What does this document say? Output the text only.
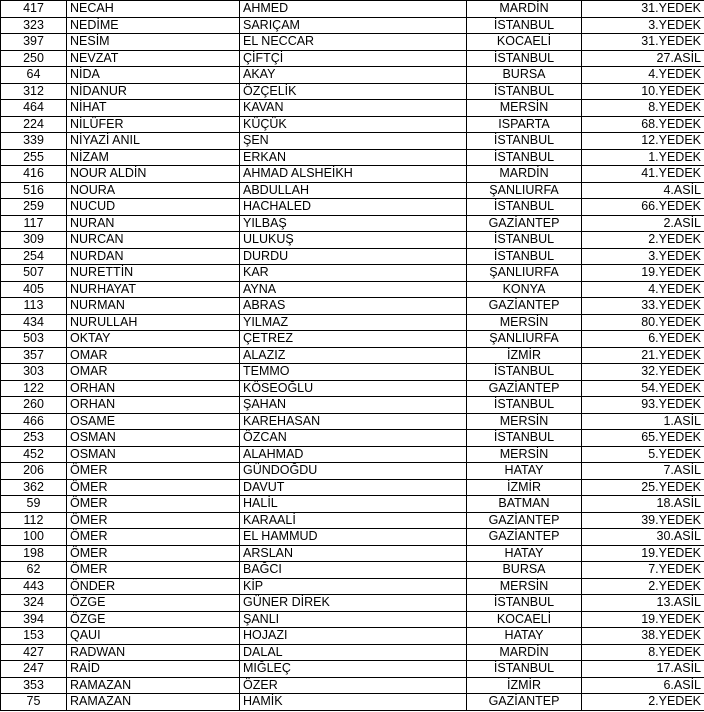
417	NECAH	AHMED	MARDİN	31.YEDEK
323	NEDİME	SARIÇAM	İSTANBUL	3.YEDEK
397	NESİM	EL NECCAR	KOCAELİ	31.YEDEK
250	NEVZAT	ÇİFTÇİ	İSTANBUL	27.ASİL
64	NİDA	AKAY	BURSA	4.YEDEK
312	NİDANUR	ÖZÇELİK	İSTANBUL	10.YEDEK
464	NİHAT	KAVAN	MERSİN	8.YEDEK
224	NİLÜFER	KÜÇÜK	ISPARTA	68.YEDEK
339	NİYAZİ ANIL	ŞEN	İSTANBUL	12.YEDEK
255	NİZAM	ERKAN	İSTANBUL	1.YEDEK
416	NOUR ALDİN	AHMAD ALSHEİKH	MARDİN	41.YEDEK
516	NOURA	ABDULLAH	ŞANLIURFA	4.ASİL
259	NUCUD	HACHALED	İSTANBUL	66.YEDEK
117	NURAN	YILBAŞ	GAZİANTEP	2.ASİL
309	NURCAN	ULUKUŞ	İSTANBUL	2.YEDEK
254	NURDAN	DURDU	İSTANBUL	3.YEDEK
507	NURETTİN	KAR	ŞANLIURFA	19.YEDEK
405	NURHAYAT	AYNA	KONYA	4.YEDEK
113	NURMAN	ABRAS	GAZİANTEP	33.YEDEK
434	NURULLAH	YILMAZ	MERSİN	80.YEDEK
503	OKTAY	ÇETREZ	ŞANLIURFA	6.YEDEK
357	OMAR	ALAZIZ	İZMİR	21.YEDEK
303	OMAR	TEMMO	İSTANBUL	32.YEDEK
122	ORHAN	KÖSEOĞLU	GAZİANTEP	54.YEDEK
260	ORHAN	ŞAHAN	İSTANBUL	93.YEDEK
466	OSAME	KAREHASAN	MERSİN	1.ASİL
253	OSMAN	ÖZCAN	İSTANBUL	65.YEDEK
452	OSMAN	ALAHMAD	MERSİN	5.YEDEK
206	ÖMER	GÜNDOĞDU	HATAY	7.ASİL
362	ÖMER	DAVUT	İZMİR	25.YEDEK
59	ÖMER	HALİL	BATMAN	18.ASİL
112	ÖMER	KARAALİ	GAZİANTEP	39.YEDEK
100	ÖMER	EL HAMMUD	GAZİANTEP	30.ASİL
198	ÖMER	ARSLAN	HATAY	19.YEDEK
62	ÖMER	BAĞCI	BURSA	7.YEDEK
443	ÖNDER	KİP	MERSİN	2.YEDEK
324	ÖZGE	GÜNER DİREK	İSTANBUL	13.ASİL
394	ÖZGE	ŞANLI	KOCAELİ	19.YEDEK
153	QAUI	HOJAZI	HATAY	38.YEDEK
427	RADWAN	DALAL	MARDİN	8.YEDEK
247	RAİD	MIĞLEÇ	İSTANBUL	17.ASİL
353	RAMAZAN	ÖZER	İZMİR	6.ASİL
75	RAMAZAN	HAMİK	GAZİANTEP	2.YEDEK
